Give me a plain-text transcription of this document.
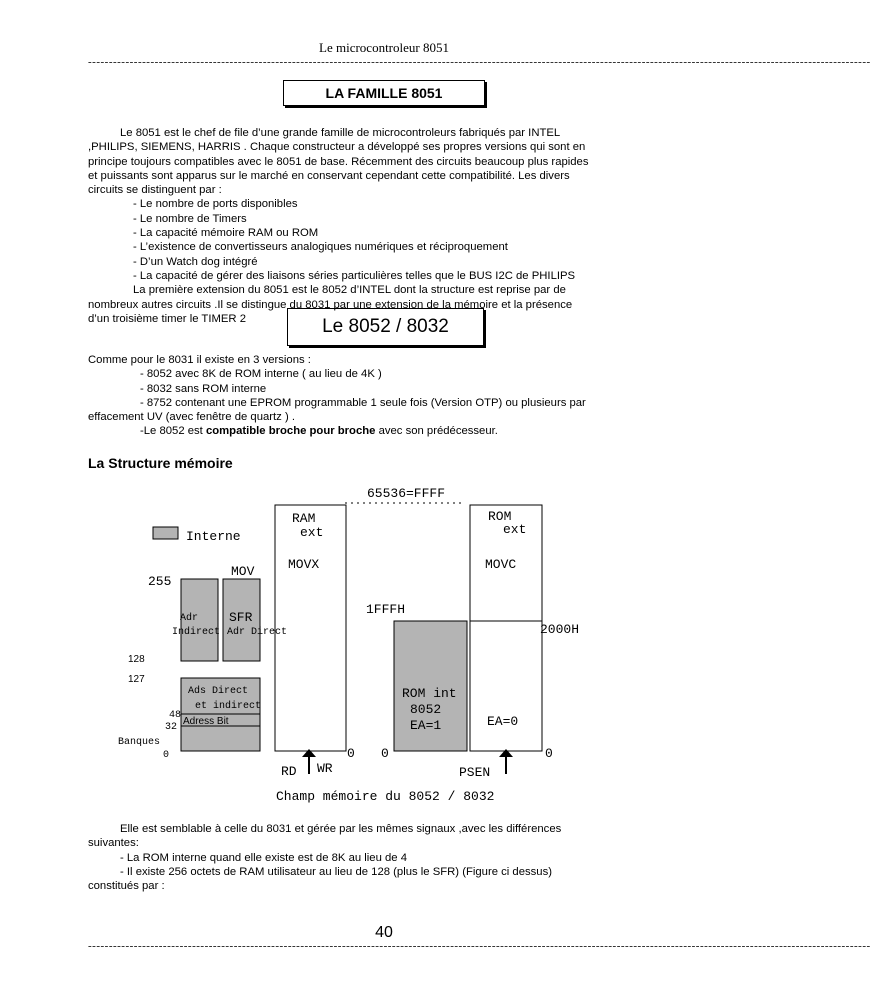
Le microcontroleur 8051
--------------------------------------------------------------------------------------------------------------------------------------------------------------------------------------------
LA FAMILLE 8051
Le 8051 est le chef de file d’une grande famille de microcontroleurs fabriqués par INTEL
,PHILIPS, SIEMENS, HARRIS . Chaque constructeur a développé ses propres versions qui sont en
principe toujours compatibles avec le 8051 de base. Récemment des circuits beaucoup plus rapides
et puissants sont apparus sur le marché en conservant cependant cette compatibilité. Les divers
circuits se distinguent par :
- Le nombre de ports disponibles
- Le nombre de Timers
- La capacité mémoire RAM ou ROM
- L’existence de convertisseurs analogiques numériques et réciproquement
- D’un Watch dog intégré
- La capacité de gérer des liaisons séries particulières telles que le BUS I2C de PHILIPS
La première extension du 8051 est le 8052 d’INTEL dont la structure est reprise par de
nombreux autres circuits .Il se distingue du 8031 par une extension de la mémoire et la présence
d’un troisième timer le TIMER 2	Le 8052 / 8032
Comme pour le 8031 il existe en 3 versions :
- 8052 avec 8K de ROM interne ( au lieu de 4K )
- 8032 sans ROM interne
- 8752 contenant une EPROM programmable 1 seule fois (Version OTP) ou plusieurs par
effacement UV (avec fenêtre de quartz ) .
-Le 8052 est compatible broche pour broche avec son prédécesseur.
La Structure mémoire
65536=FFFF
RAM
ext
MOVX
ROM
ext
MOVC
2000H
1FFFH
ROM int
8052
EA=1	EA=0
Interne
MOV
255
Adr
Indirect
SFR
Adr Direct
128
127
Ads Direct
et indirect
48
32
Adress Bit
Banques
0	0 0	0
RD WR	PSEN
Champ mémoire du 8052 / 8032
Elle est semblable à celle du 8031 et gérée par les mêmes signaux ,avec les différences
suivantes:
- La ROM interne quand elle existe est de 8K au lieu de 4
- Il existe 256 octets de RAM utilisateur au lieu de 128 (plus le SFR) (Figure ci dessus)
constitués par :
40
--------------------------------------------------------------------------------------------------------------------------------------------------------------------------------------------
